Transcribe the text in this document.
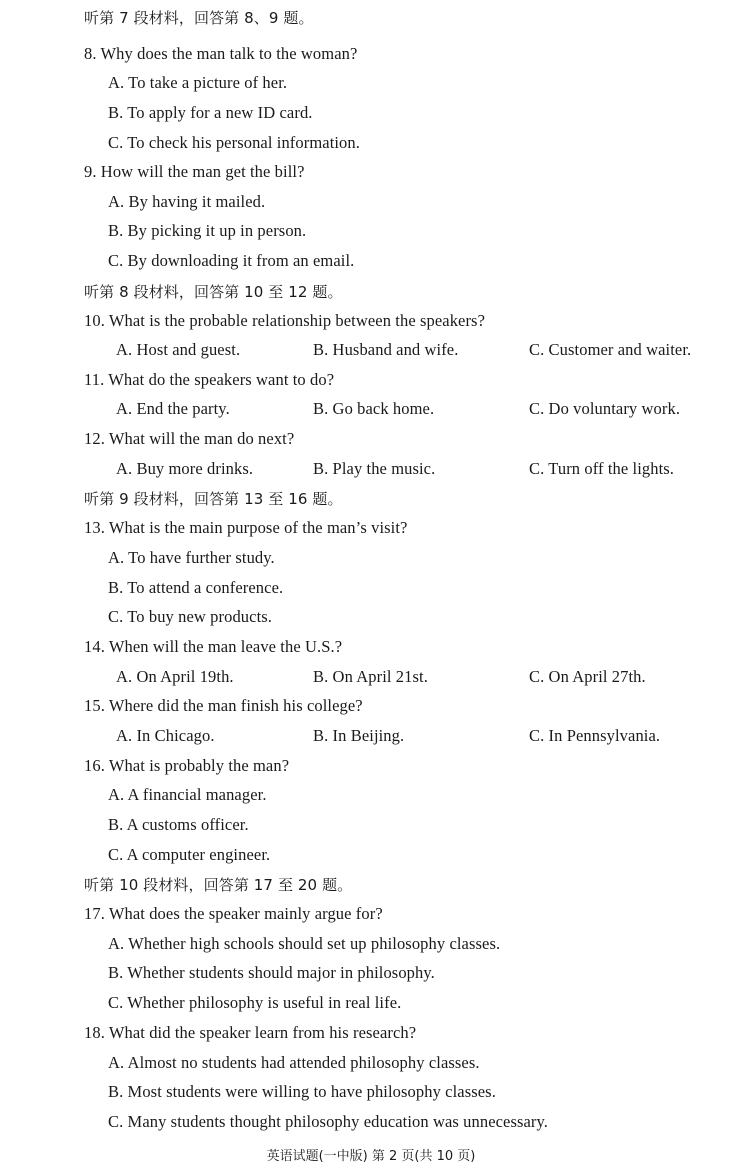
听第 7 段材料，回答第 8、9 题。
8. Why does the man talk to the woman?
A. To take a picture of her.
B. To apply for a new ID card.
C. To check his personal information.
9. How will the man get the bill?
A. By having it mailed.
B. By picking it up in person.
C. By downloading it from an email.
听第 8 段材料，回答第 10 至 12 题。
10. What is the probable relationship between the speakers?
A. Host and guest.	B. Husband and wife.	C. Customer and waiter.
11. What do the speakers want to do?
A. End the party.	B. Go back home.	C. Do voluntary work.
12. What will the man do next?
A. Buy more drinks.	B. Play the music.	C. Turn off the lights.
听第 9 段材料，回答第 13 至 16 题。
13. What is the main purpose of the man’s visit?
A. To have further study.
B. To attend a conference.
C. To buy new products.
14. When will the man leave the U.S.?
A. On April 19th.	B. On April 21st.	C. On April 27th.
15. Where did the man finish his college?
A. In Chicago.	B. In Beijing.	C. In Pennsylvania.
16. What is probably the man?
A. A financial manager.
B. A customs officer.
C. A computer engineer.
听第 10 段材料，回答第 17 至 20 题。
17. What does the speaker mainly argue for?
A. Whether high schools should set up philosophy classes.
B. Whether students should major in philosophy.
C. Whether philosophy is useful in real life.
18. What did the speaker learn from his research?
A. Almost no students had attended philosophy classes.
B. Most students were willing to have philosophy classes.
C. Many students thought philosophy education was unnecessary.
英语试题(一中版) 第 2 页(共 10 页)
